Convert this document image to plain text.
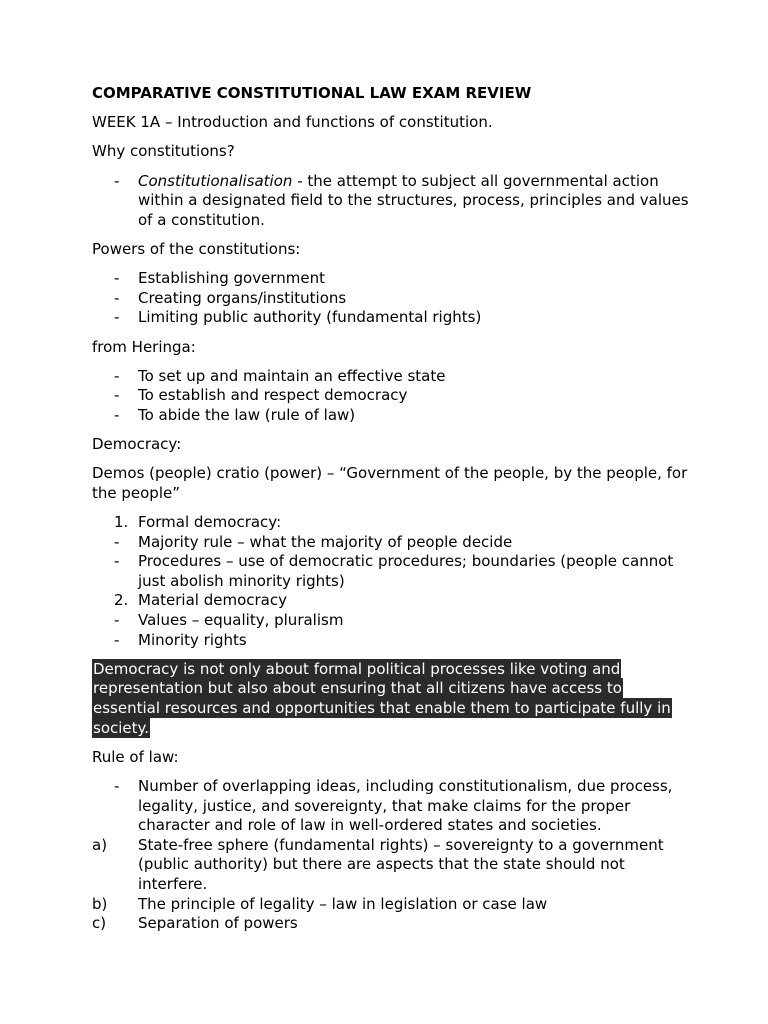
COMPARATIVE CONSTITUTIONAL LAW EXAM REVIEW

WEEK 1A – Introduction and functions of constitution.

Why constitutions?

- Constitutionalisation - the attempt to subject all governmental action within a designated field to the structures, process, principles and values of a constitution.

Powers of the constitutions:

- Establishing government
- Creating organs/institutions
- Limiting public authority (fundamental rights)

from Heringa:

- To set up and maintain an effective state
- To establish and respect democracy
- To abide the law (rule of law)

Democracy:

Demos (people) cratio (power) – “Government of the people, by the people, for the people”

1. Formal democracy:
- Majority rule – what the majority of people decide
- Procedures – use of democratic procedures; boundaries (people cannot just abolish minority rights)
2. Material democracy
- Values – equality, pluralism
- Minority rights

Democracy is not only about formal political processes like voting and representation but also about ensuring that all citizens have access to essential resources and opportunities that enable them to participate fully in society.

Rule of law:

- Number of overlapping ideas, including constitutionalism, due process, legality, justice, and sovereignty, that make claims for the proper character and role of law in well-ordered states and societies.
a) State-free sphere (fundamental rights) – sovereignty to a government (public authority) but there are aspects that the state should not interfere.
b) The principle of legality – law in legislation or case law
c) Separation of powers
